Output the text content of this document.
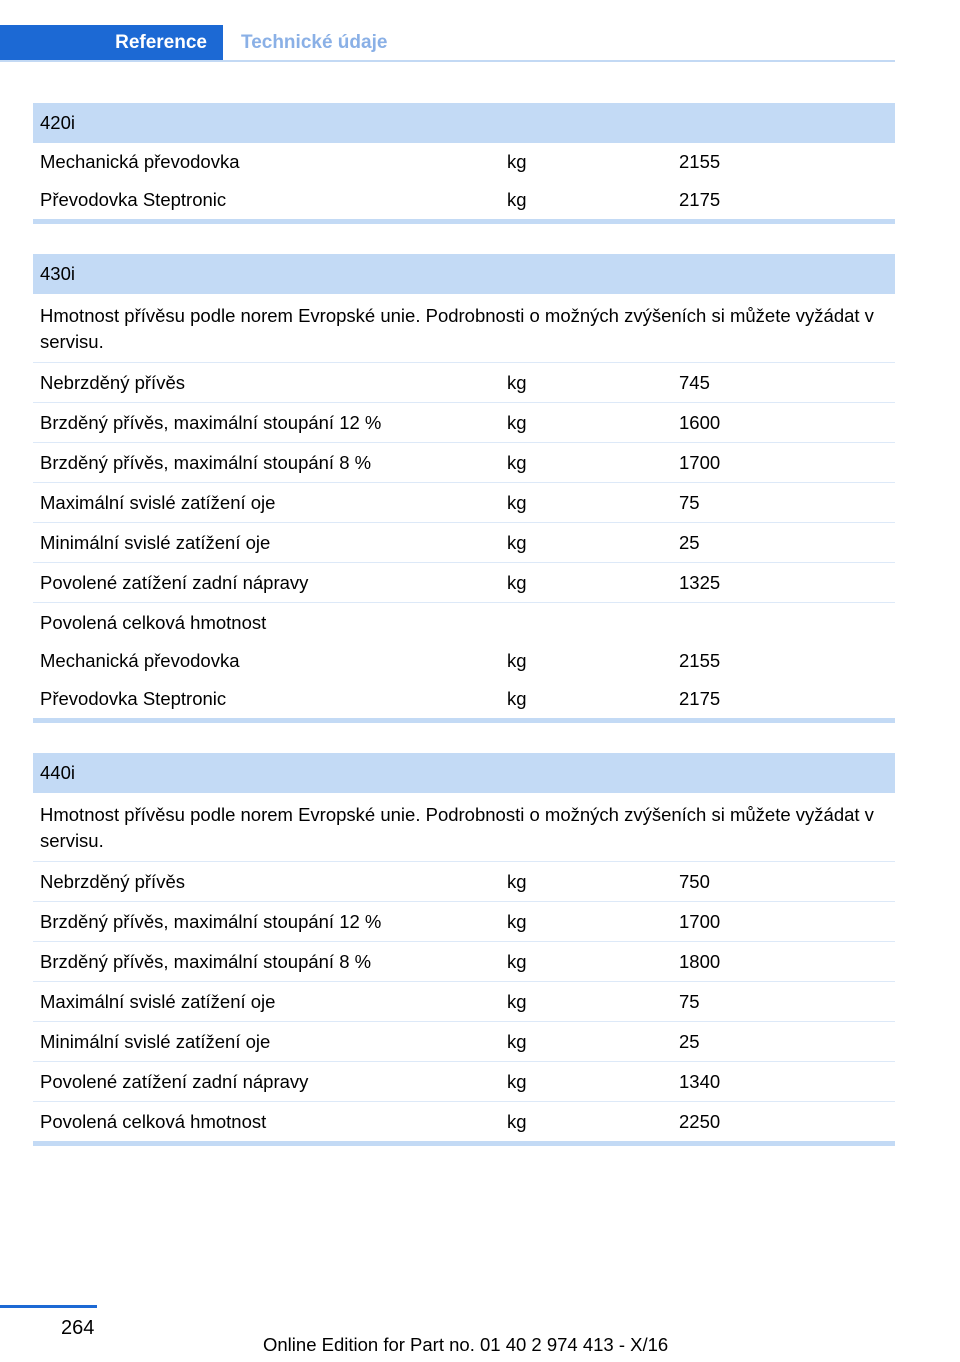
Reference	Technické údaje
420i
Mechanická převodovka	kg	2155
Převodovka Steptronic	kg	2175
430i
Hmotnost přívěsu podle norem Evropské unie. Podrobnosti o možných zvýšeních si můžete vyžádat v servisu.
Nebrzděný přívěs	kg	745
Brzděný přívěs, maximální stoupání 12 %	kg	1600
Brzděný přívěs, maximální stoupání 8 %	kg	1700
Maximální svislé zatížení oje	kg	75
Minimální svislé zatížení oje	kg	25
Povolené zatížení zadní nápravy	kg	1325
Povolená celková hmotnost
Mechanická převodovka	kg	2155
Převodovka Steptronic	kg	2175
440i
Hmotnost přívěsu podle norem Evropské unie. Podrobnosti o možných zvýšeních si můžete vyžádat v servisu.
Nebrzděný přívěs	kg	750
Brzděný přívěs, maximální stoupání 12 %	kg	1700
Brzděný přívěs, maximální stoupání 8 %	kg	1800
Maximální svislé zatížení oje	kg	75
Minimální svislé zatížení oje	kg	25
Povolené zatížení zadní nápravy	kg	1340
Povolená celková hmotnost	kg	2250
264
Online Edition for Part no. 01 40 2 974 413 - X/16
